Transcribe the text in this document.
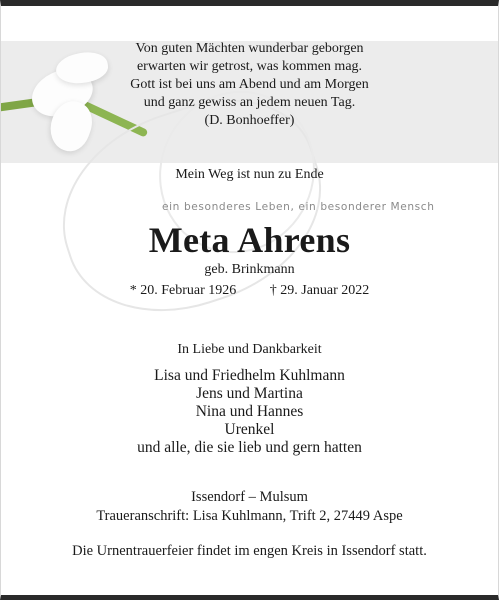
Von guten Mächten wunderbar geborgen
erwarten wir getrost, was kommen mag.
Gott ist bei uns am Abend und am Morgen
und ganz gewiss an jedem neuen Tag.
(D. Bonhoeffer)
Mein Weg ist nun zu Ende
ein besonderes Leben, ein besonderer Mensch
Meta Ahrens
geb. Brinkmann
* 20. Februar 1926 † 29. Januar 2022
In Liebe und Dankbarkeit
Lisa und Friedhelm Kuhlmann
Jens und Martina
Nina und Hannes
Urenkel
und alle, die sie lieb und gern hatten
Issendorf – Mulsum
Traueranschrift: Lisa Kuhlmann, Trift 2, 27449 Aspe
Die Urnentrauerfeier findet im engen Kreis in Issendorf statt.
